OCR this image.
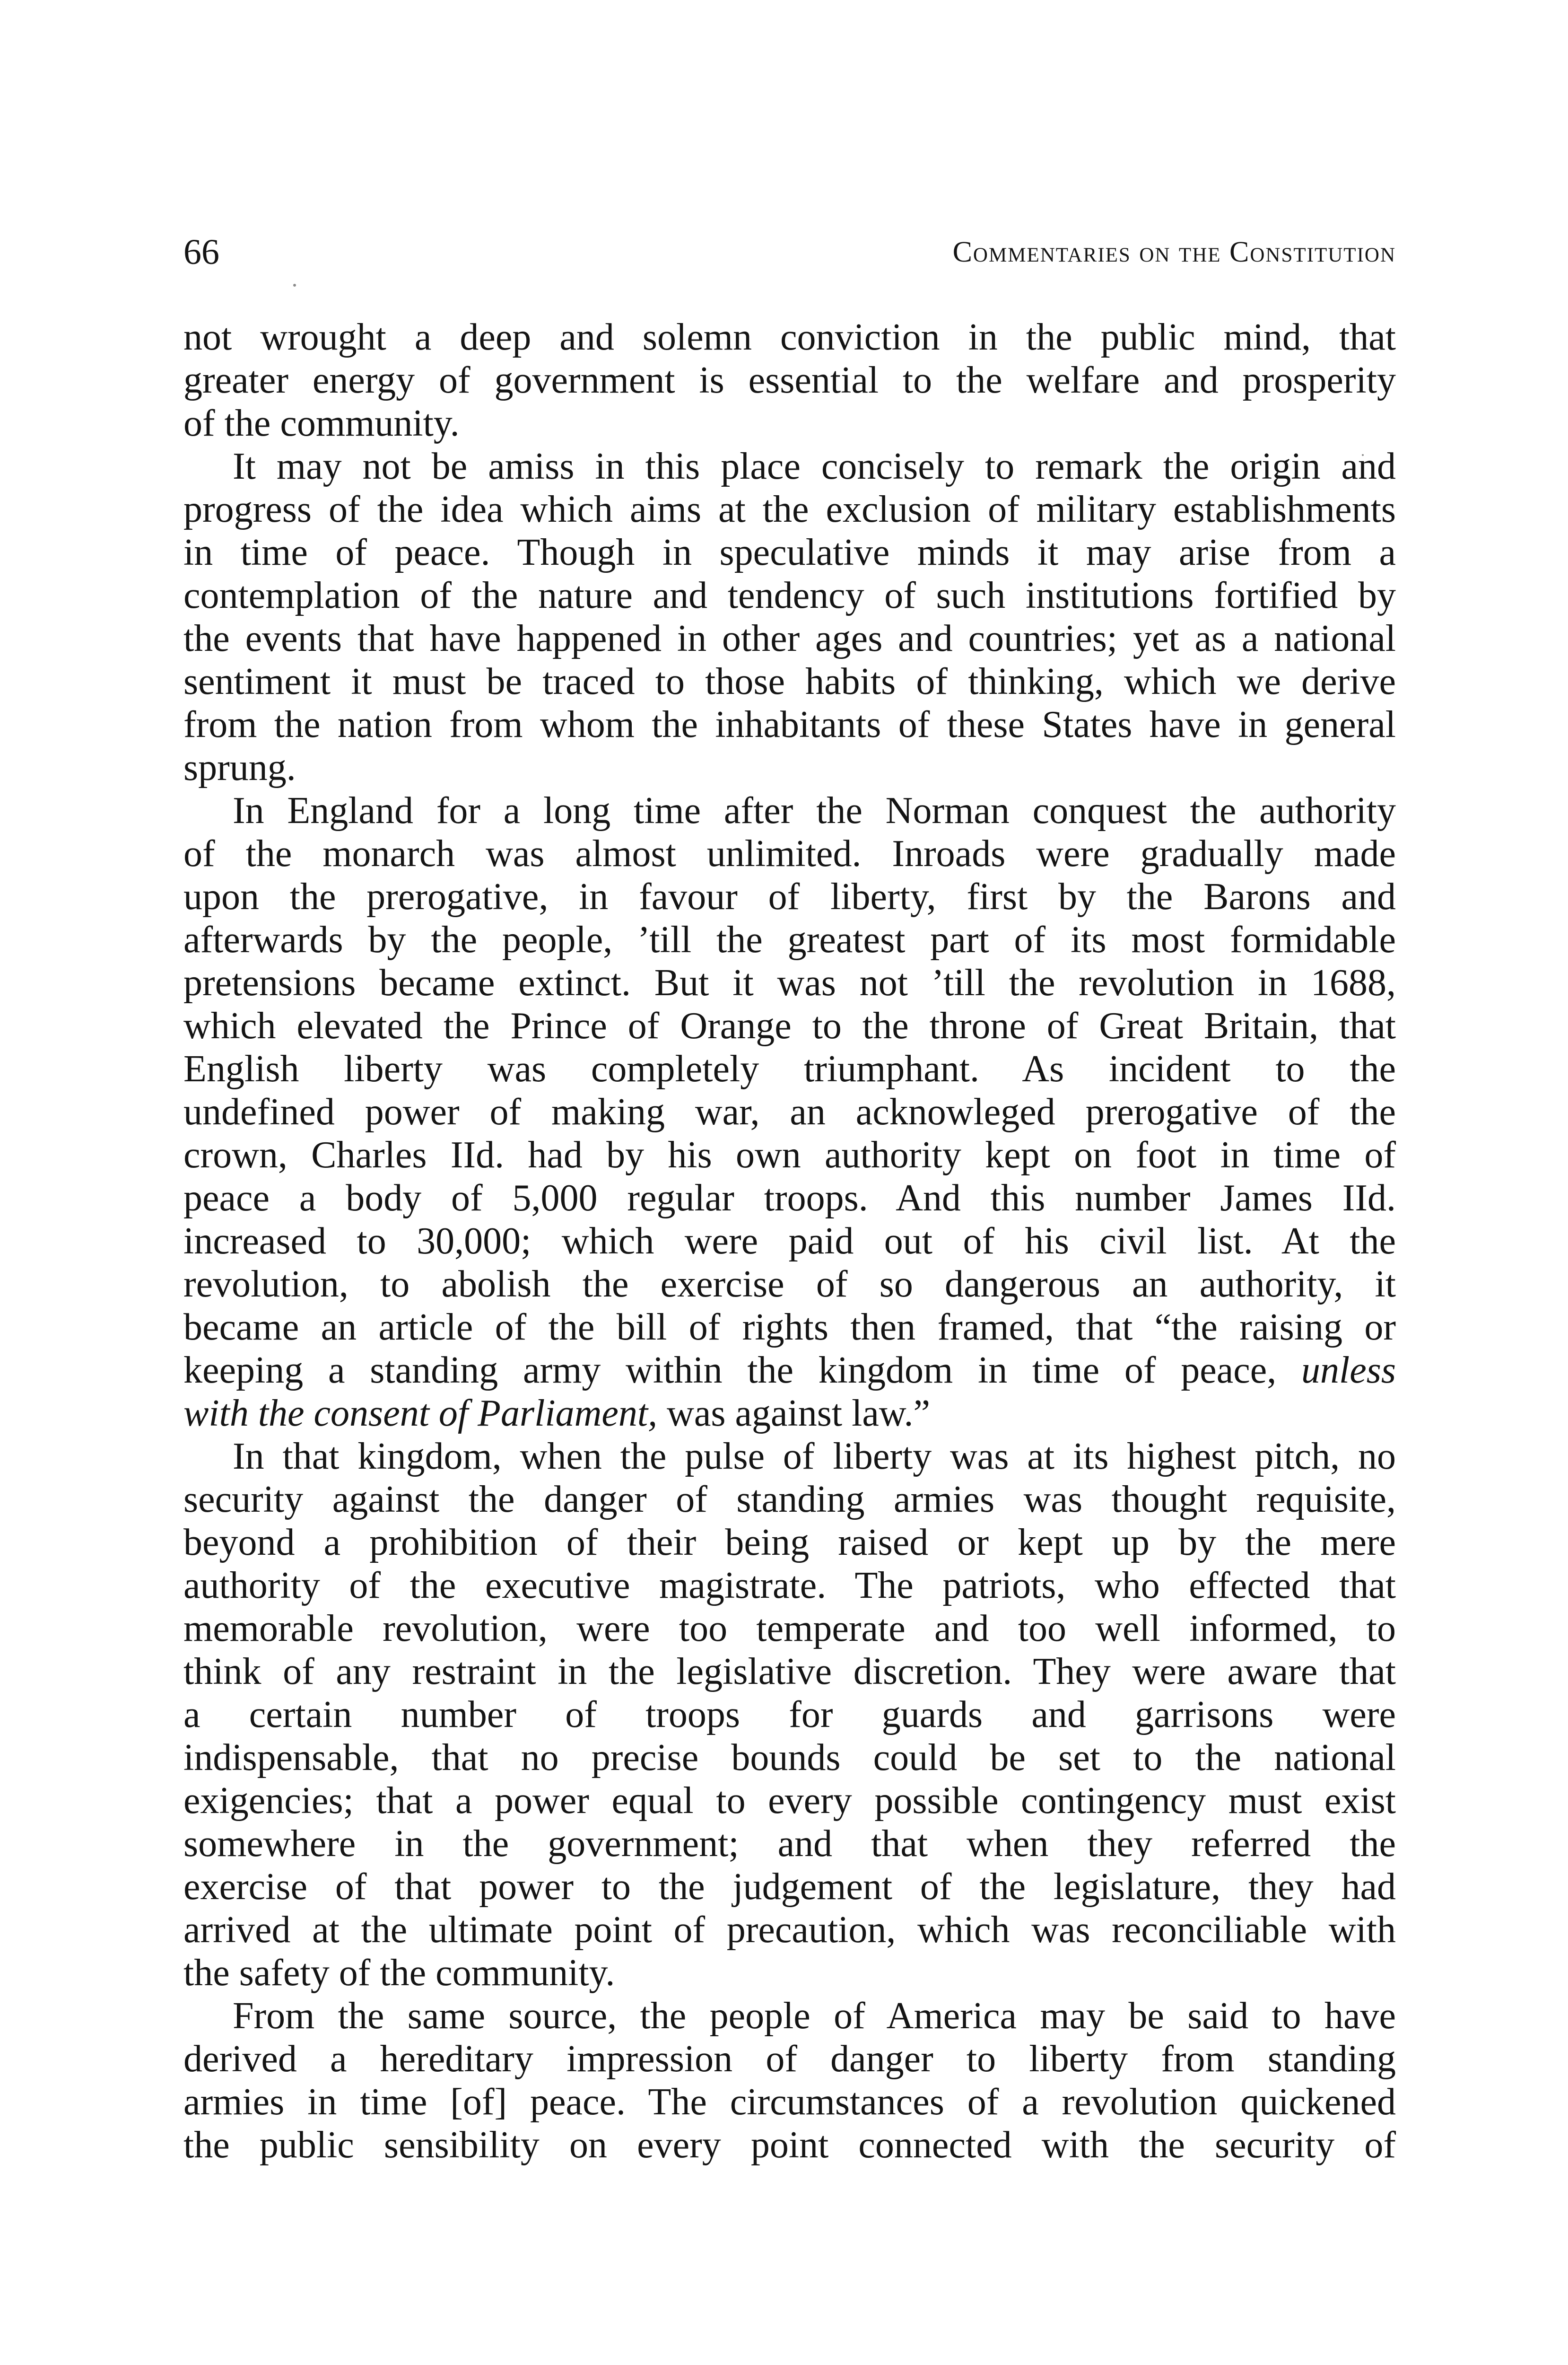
66	Commentaries on the Constitution
not wrought a deep and solemn conviction in the public mind, that
greater energy of government is essential to the welfare and prosperity
of the community.
It may not be amiss in this place concisely to remark the origin and
progress of the idea which aims at the exclusion of military establishments
in time of peace. Though in speculative minds it may arise from a
contemplation of the nature and tendency of such institutions fortified by
the events that have happened in other ages and countries; yet as a national
sentiment it must be traced to those habits of thinking, which we derive
from the nation from whom the inhabitants of these States have in general
sprung.
In England for a long time after the Norman conquest the authority
of the monarch was almost unlimited. Inroads were gradually made
upon the prerogative, in favour of liberty, first by the Barons and
afterwards by the people, ’till the greatest part of its most formidable
pretensions became extinct. But it was not ’till the revolution in 1688,
which elevated the Prince of Orange to the throne of Great Britain, that
English liberty was completely triumphant. As incident to the
undefined power of making war, an acknowleged prerogative of the
crown, Charles IId. had by his own authority kept on foot in time of
peace a body of 5,000 regular troops. And this number James IId.
increased to 30,000; which were paid out of his civil list. At the
revolution, to abolish the exercise of so dangerous an authority, it
became an article of the bill of rights then framed, that “the raising or
keeping a standing army within the kingdom in time of peace, unless
with the consent of Parliament, was against law.”
In that kingdom, when the pulse of liberty was at its highest pitch, no
security against the danger of standing armies was thought requisite,
beyond a prohibition of their being raised or kept up by the mere
authority of the executive magistrate. The patriots, who effected that
memorable revolution, were too temperate and too well informed, to
think of any restraint in the legislative discretion. They were aware that
a certain number of troops for guards and garrisons were
indispensable, that no precise bounds could be set to the national
exigencies; that a power equal to every possible contingency must exist
somewhere in the government; and that when they referred the
exercise of that power to the judgement of the legislature, they had
arrived at the ultimate point of precaution, which was reconciliable with
the safety of the community.
From the same source, the people of America may be said to have
derived a hereditary impression of danger to liberty from standing
armies in time [of] peace. The circumstances of a revolution quickened
the public sensibility on every point connected with the security of
